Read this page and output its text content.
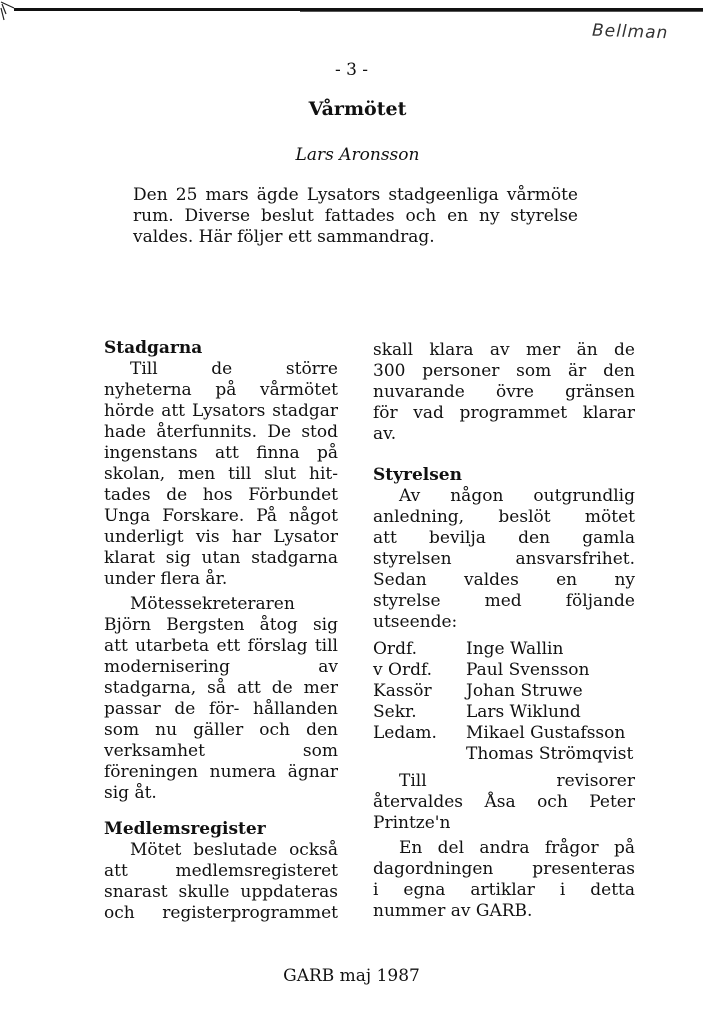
Bellman
- 3 -
Vårmötet
Lars Aronsson
Den 25 mars ägde Lysators stadgeenliga vårmöte
rum. Diverse beslut fattades och en ny styrelse
valdes. Här följer ett sammandrag.
Stadgarna
Till de större
nyheterna på vårmötet
hörde att Lysators stadgar
hade återfunnits. De stod
ingenstans att finna på
skolan, men till slut hit-
tades de hos Förbundet
Unga Forskare. På något
underligt vis har Lysator
klarat sig utan stadgarna
under flera år.
Mötessekreteraren
Björn Bergsten åtog sig
att utarbeta ett förslag till
modernisering av
stadgarna, så att de mer
passar de för- hållanden
som nu gäller och den
verksamhet som
föreningen numera ägnar
sig åt.
Medlemsregister
Mötet beslutade också
att medlemsregisteret
snarast skulle uppdateras
och registerprogrammet
skall klara av mer än de
300 personer som är den
nuvarande övre gränsen
för vad programmet klarar
av.
Styrelsen
Av någon outgrundlig
anledning, beslöt mötet
att bevilja den gamla
styrelsen ansvarsfrihet.
Sedan valdes en ny
styrelse med följande
utseende:
Ordf.	Inge Wallin
v Ordf.	Paul Svensson
Kassör	Johan Struwe
Sekr.	Lars Wiklund
Ledam.	Mikael Gustafsson
Thomas Strömqvist
Till revisorer
återvaldes Åsa och Peter
Printze'n
En del andra frågor på
dagordningen presenteras
i egna artiklar i detta
nummer av GARB.
GARB maj 1987
